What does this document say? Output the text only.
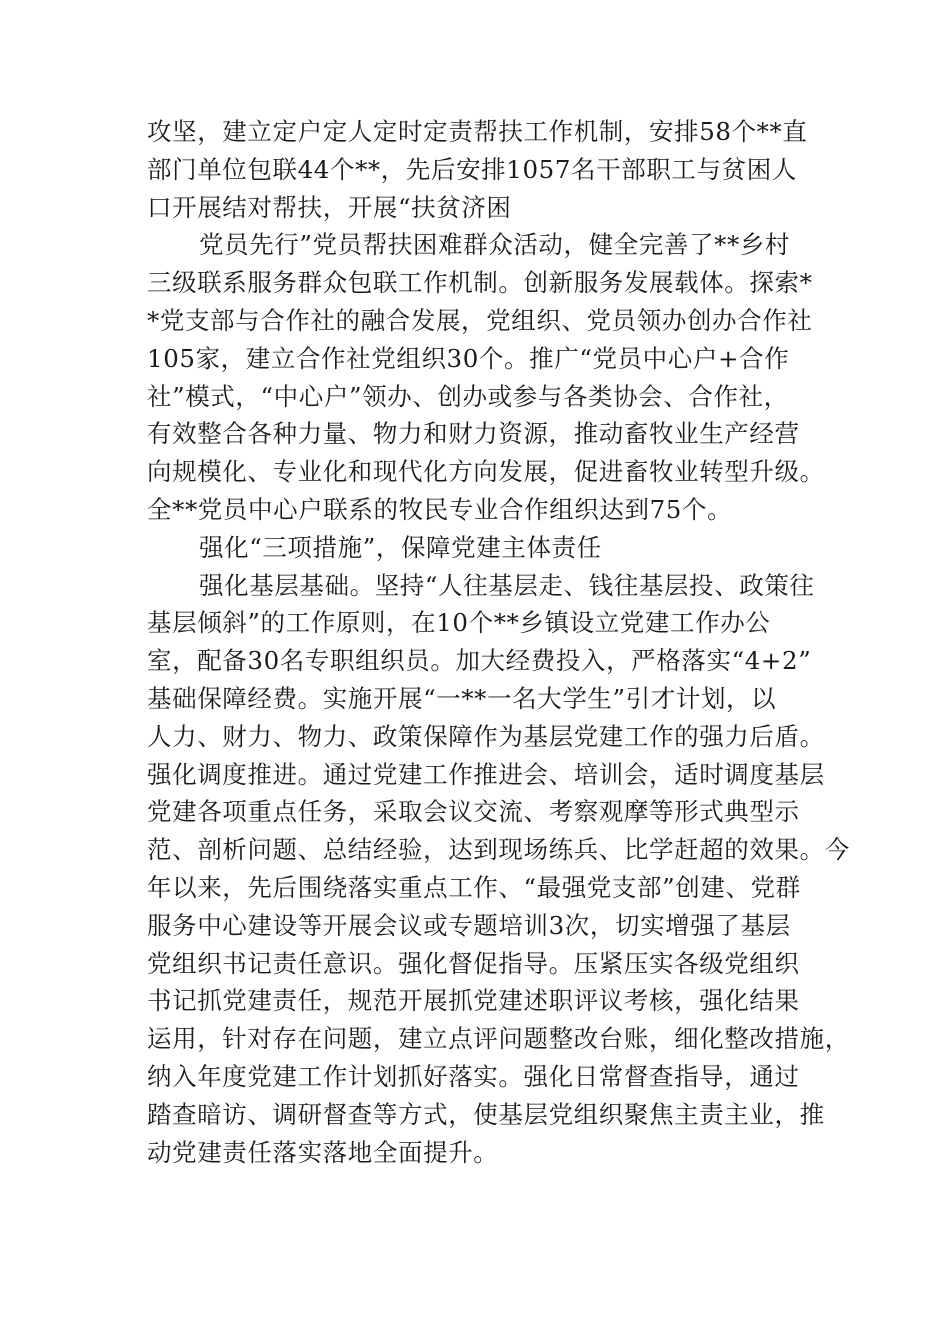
攻坚，建立定户定人定时定责帮扶工作机制，安排58个**直
部门单位包联44个**，先后安排1057名干部职工与贫困人
口开展结对帮扶，开展“扶贫济困
党员先行”党员帮扶困难群众活动，健全完善了**乡村
三级联系服务群众包联工作机制。创新服务发展载体。探索*
*党支部与合作社的融合发展，党组织、党员领办创办合作社
105家，建立合作社党组织30个。推广“党员中心户+合作
社”模式，“中心户”领办、创办或参与各类协会、合作社，
有效整合各种力量、物力和财力资源，推动畜牧业生产经营
向规模化、专业化和现代化方向发展，促进畜牧业转型升级。
全**党员中心户联系的牧民专业合作组织达到75个。
强化“三项措施”，保障党建主体责任
强化基层基础。坚持“人往基层走、钱往基层投、政策往
基层倾斜”的工作原则，在10个**乡镇设立党建工作办公
室，配备30名专职组织员。加大经费投入，严格落实“4+2”
基础保障经费。实施开展“一**一名大学生”引才计划，以
人力、财力、物力、政策保障作为基层党建工作的强力后盾。
强化调度推进。通过党建工作推进会、培训会，适时调度基层
党建各项重点任务，采取会议交流、考察观摩等形式典型示
范、剖析问题、总结经验，达到现场练兵、比学赶超的效果。今
年以来，先后围绕落实重点工作、“最强党支部”创建、党群
服务中心建设等开展会议或专题培训3次，切实增强了基层
党组织书记责任意识。强化督促指导。压紧压实各级党组织
书记抓党建责任，规范开展抓党建述职评议考核，强化结果
运用，针对存在问题，建立点评问题整改台账，细化整改措施，
纳入年度党建工作计划抓好落实。强化日常督查指导，通过
踏查暗访、调研督查等方式，使基层党组织聚焦主责主业，推
动党建责任落实落地全面提升。
